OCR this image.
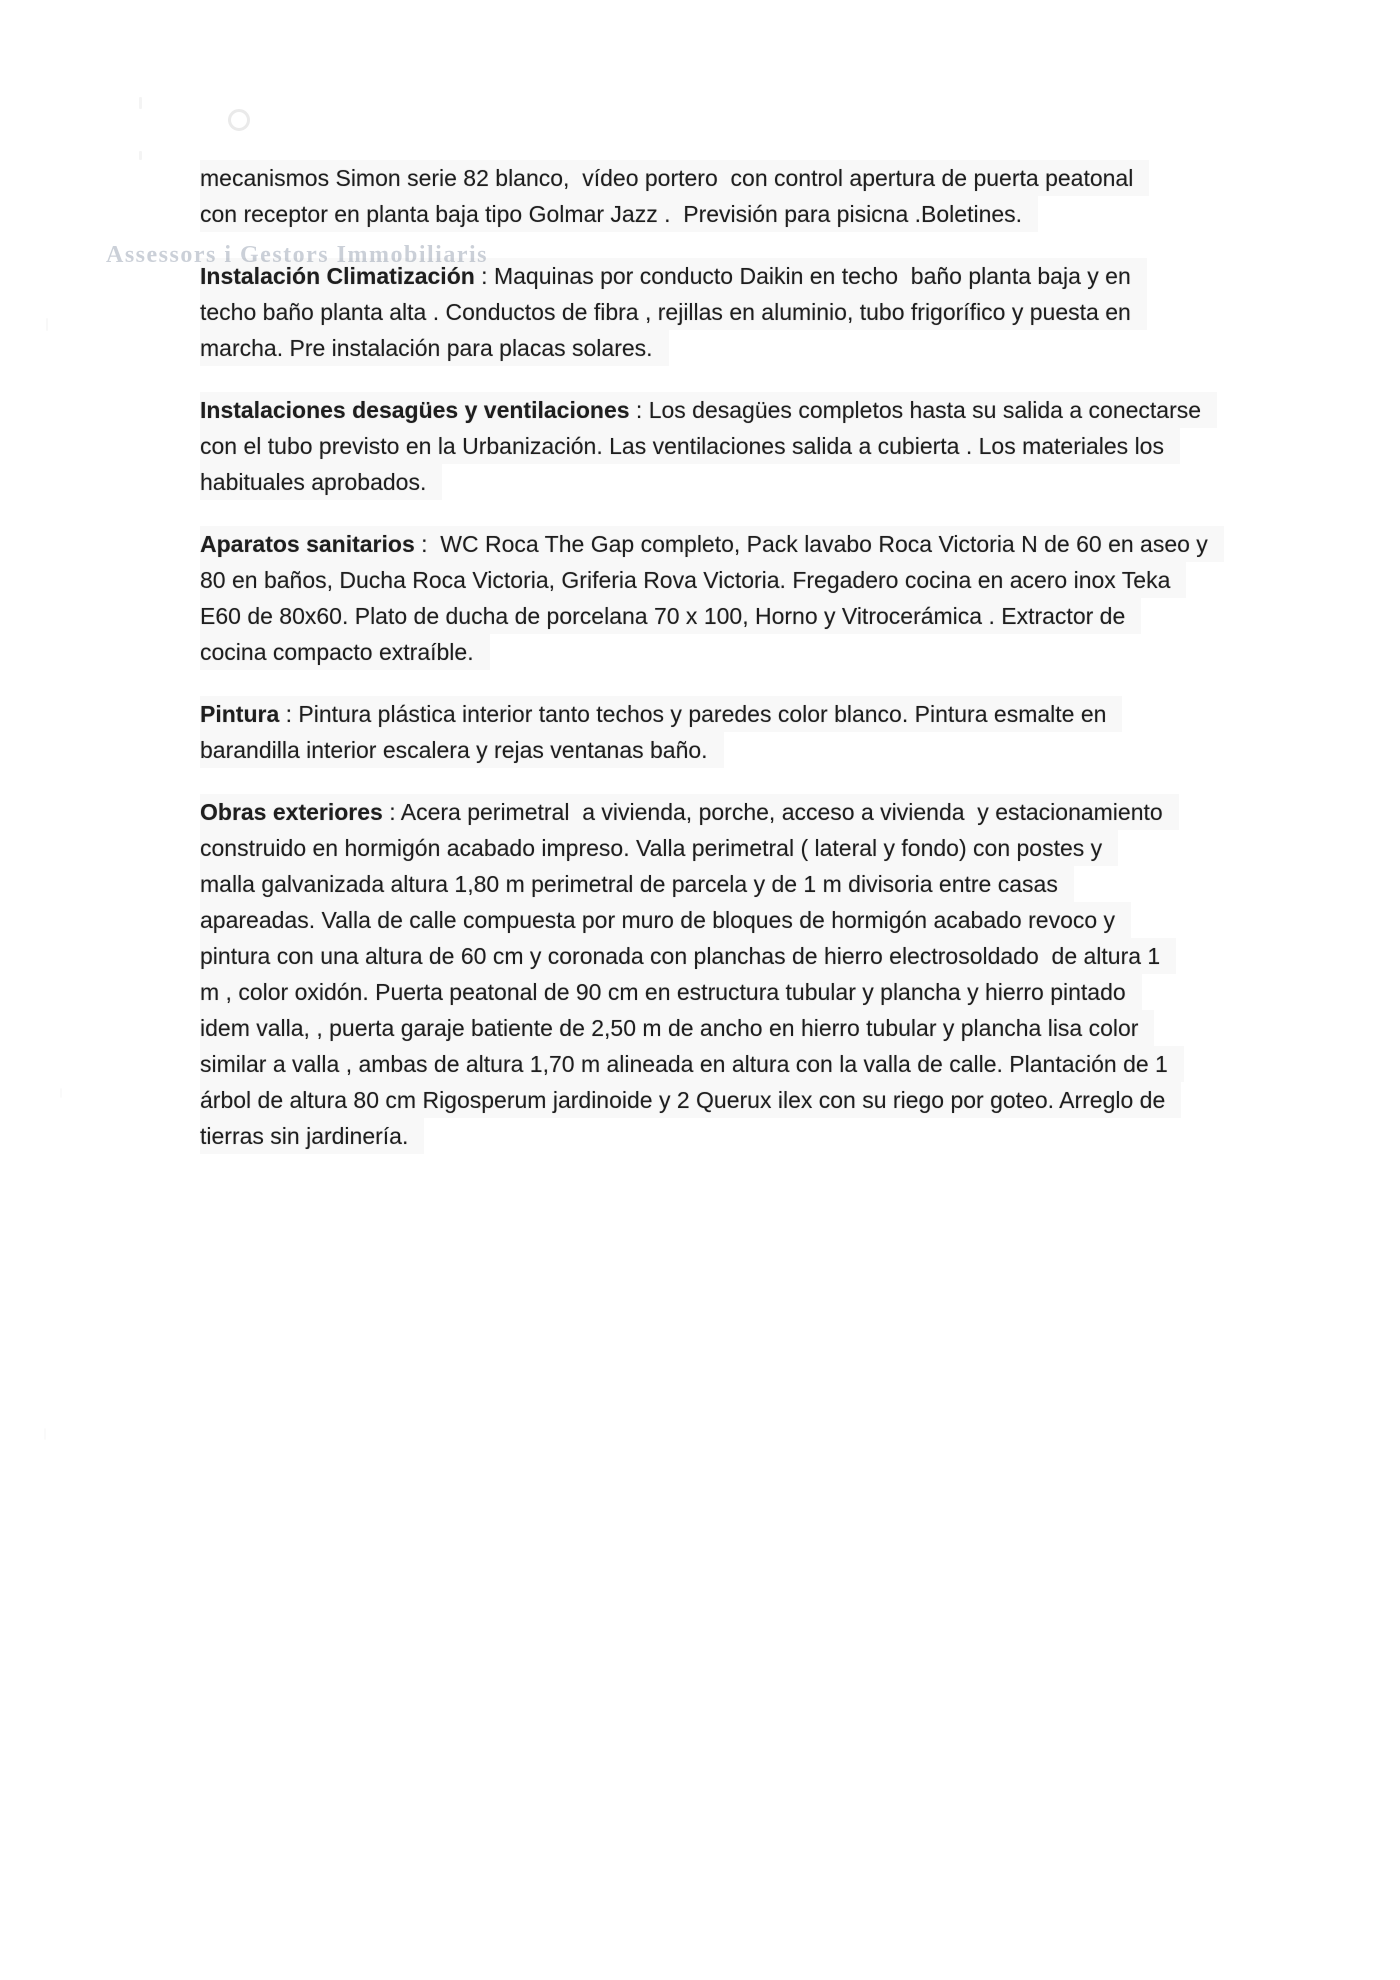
Assessors i Gestors Immobiliaris
mecanismos Simon serie 82 blanco,  vídeo portero  con control apertura de puerta peatonal
con receptor en planta baja tipo Golmar Jazz .  Previsión para pisicna .Boletines.
Instalación Climatización : Maquinas por conducto Daikin en techo  baño planta baja y en
techo baño planta alta . Conductos de fibra , rejillas en aluminio, tubo frigorífico y puesta en
marcha. Pre instalación para placas solares.
Instalaciones desagües y ventilaciones : Los desagües completos hasta su salida a conectarse
con el tubo previsto en la Urbanización. Las ventilaciones salida a cubierta . Los materiales los
habituales aprobados.
Aparatos sanitarios :  WC Roca The Gap completo, Pack lavabo Roca Victoria N de 60 en aseo y
80 en baños, Ducha Roca Victoria, Griferia Rova Victoria. Fregadero cocina en acero inox Teka
E60 de 80x60. Plato de ducha de porcelana 70 x 100, Horno y Vitrocerámica . Extractor de
cocina compacto extraíble.
Pintura : Pintura plástica interior tanto techos y paredes color blanco. Pintura esmalte en
barandilla interior escalera y rejas ventanas baño.
Obras exteriores : Acera perimetral  a vivienda, porche, acceso a vivienda  y estacionamiento
construido en hormigón acabado impreso. Valla perimetral ( lateral y fondo) con postes y
malla galvanizada altura 1,80 m perimetral de parcela y de 1 m divisoria entre casas
apareadas. Valla de calle compuesta por muro de bloques de hormigón acabado revoco y
pintura con una altura de 60 cm y coronada con planchas de hierro electrosoldado  de altura 1
m , color oxidón. Puerta peatonal de 90 cm en estructura tubular y plancha y hierro pintado
idem valla, , puerta garaje batiente de 2,50 m de ancho en hierro tubular y plancha lisa color
similar a valla , ambas de altura 1,70 m alineada en altura con la valla de calle. Plantación de 1
árbol de altura 80 cm Rigosperum jardinoide y 2 Querux ilex con su riego por goteo. Arreglo de
tierras sin jardinería.
